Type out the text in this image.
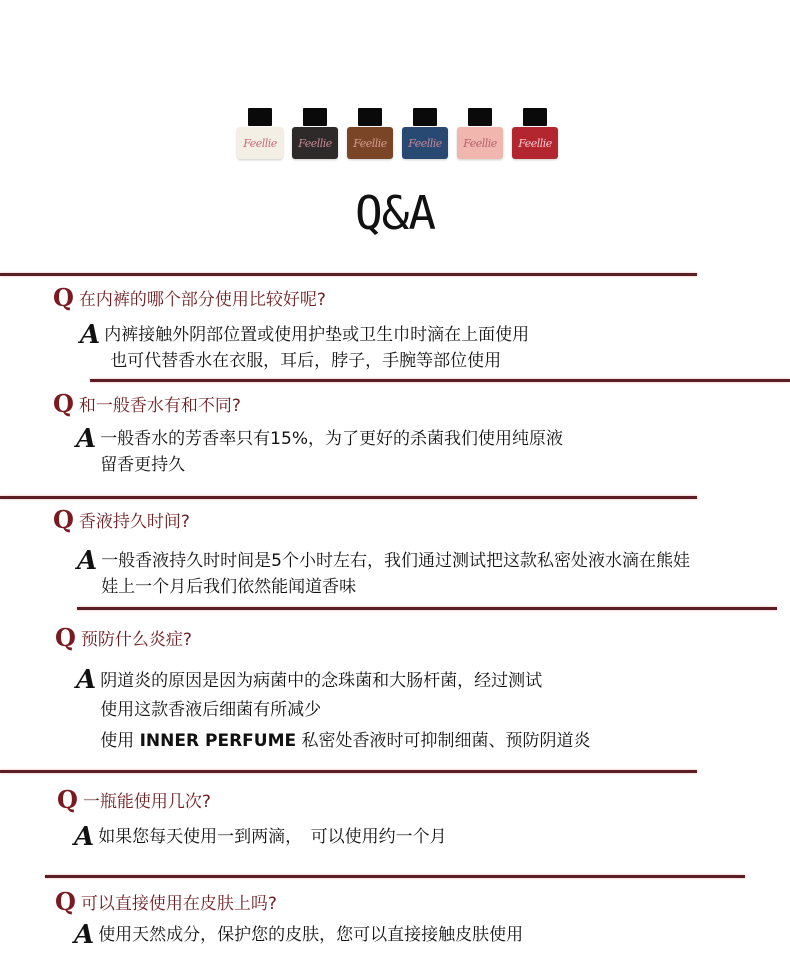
Feellie Feellie Feellie Feellie Feellie Feellie
Q&A
Q 在内裤的哪个部分使用比较好呢?
A 内裤接触外阴部位置或使用护垫或卫生巾时滴在上面使用
也可代替香水在衣服，耳后，脖子，手腕等部位使用
Q 和一般香水有和不同?
A 一般香水的芳香率只有15%，为了更好的杀菌我们使用纯原液
留香更持久
Q 香液持久时间?
A 一般香液持久时时间是5个小时左右，我们通过测试把这款私密处液水滴在熊娃
娃上一个月后我们依然能闻道香味
Q 预防什么炎症?
A 阴道炎的原因是因为病菌中的念珠菌和大肠杆菌，经过测试
使用这款香液后细菌有所减少
使用 INNER PERFUME 私密处香液时可抑制细菌、预防阴道炎
Q 一瓶能使用几次?
A 如果您每天使用一到两滴，　可以使用约一个月
Q 可以直接使用在皮肤上吗?
A 使用天然成分，保护您的皮肤，您可以直接接触皮肤使用
